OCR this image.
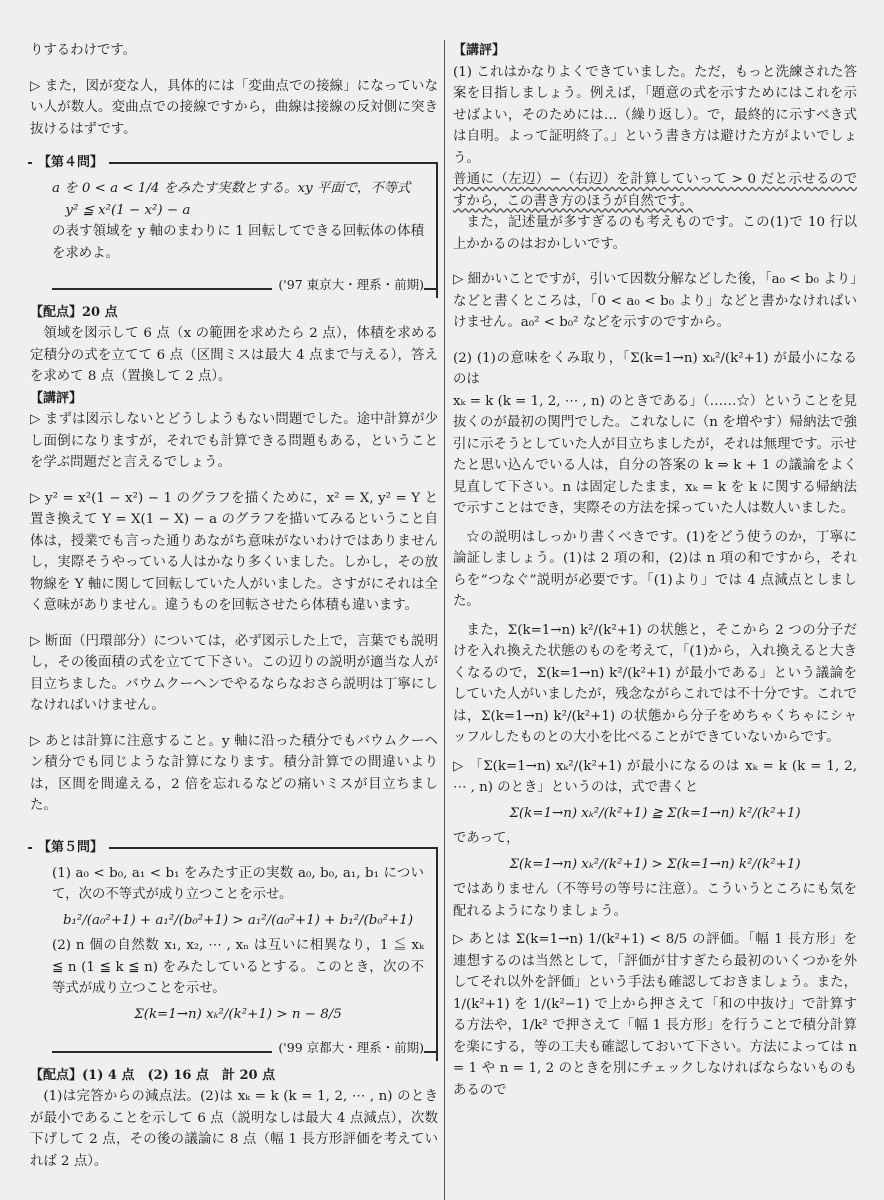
りするわけです。

▷ また，図が変な人，具体的には「変曲点での接線」になっていない人が数人。変曲点での接線ですから，曲線は接線の反対側に突き抜けるはずです。

【第４問】

a を 0 < a < 1/4 をみたす実数とする。xy 平面で，不等式

y² ≦ x²(1 − x²) − a

の表す領域を y 軸のまわりに 1 回転してできる回転体の体積を求めよ。

('97 東京大・理系・前期)

【配点】20 点

領域を図示して 6 点（x の範囲を求めたら 2 点），体積を求める定積分の式を立てて 6 点（区間ミスは最大 4 点まで与える），答えを求めて 8 点（置換して 2 点）。

【講評】

▷ まずは図示しないとどうしようもない問題でした。途中計算が少し面倒になりますが，それでも計算できる問題もある，ということを学ぶ問題だと言えるでしょう。

▷ y² = x²(1 − x²) − 1 のグラフを描くために，x² = X, y² = Y と置き換えて Y = X(1 − X) − a のグラフを描いてみるということ自体は，授業でも言った通りあながち意味がないわけではありませんし，実際そうやっている人はかなり多くいました。しかし，その放物線を Y 軸に関して回転していた人がいました。さすがにそれは全く意味がありません。違うものを回転させたら体積も違います。

▷ 断面（円環部分）については，必ず図示した上で，言葉でも説明し，その後面積の式を立てて下さい。この辺りの説明が適当な人が目立ちました。バウムクーヘンでやるならなおさら説明は丁寧にしなければいけません。

▷ あとは計算に注意すること。y 軸に沿った積分でもバウムクーヘン積分でも同じような計算になります。積分計算での間違いよりは，区間を間違える，2 倍を忘れるなどの痛いミスが目立ちました。

【第５問】

(1) a₀ < b₀, a₁ < b₁ をみたす正の実数 a₀, b₀, a₁, b₁ について，次の不等式が成り立つことを示せ。

b₁²/(a₀²+1) + a₁²/(b₀²+1) > a₁²/(a₀²+1) + b₁²/(b₀²+1)

(2) n 個の自然数 x₁, x₂, ⋯ , xₙ は互いに相異なり，1 ≦ xₖ ≦ n (1 ≦ k ≦ n) をみたしているとする。このとき，次の不等式が成り立つことを示せ。

Σ(k=1→n) xₖ²/(k²+1) > n − 8/5

('99 京都大・理系・前期)

【配点】(1) 4 点　(2) 16 点　計 20 点

(1)は完答からの減点法。(2)は xₖ = k (k = 1, 2, ⋯ , n) のときが最小であることを示して 6 点（説明なしは最大 4 点減点），次数下げして 2 点，その後の議論に 8 点（幅 1 長方形評価を考えていれば 2 点）。

【講評】

(1) これはかなりよくできていました。ただ，もっと洗練された答案を目指しましょう。例えば，「題意の式を示すためにはこれを示せばよい，そのためには…（繰り返し）。で，最終的に示すべき式は自明。よって証明終了。」という書き方は避けた方がよいでしょう。

普通に（左辺）−（右辺）を計算していって > 0 だと示せるのですから，この書き方のほうが自然です。

また，記述量が多すぎるのも考えものです。この(1)で 10 行以上かかるのはおかしいです。

▷ 細かいことですが，引いて因数分解などした後，「a₀ < b₀ より」などと書くところは，「0 < a₀ < b₀ より」などと書かなければいけません。a₀² < b₀² などを示すのですから。

(2) (1)の意味をくみ取り，「Σ(k=1→n) xₖ²/(k²+1) が最小になるのは

xₖ = k (k = 1, 2, ⋯ , n) のときである」（……☆）ということを見抜くのが最初の関門でした。これなしに（n を増やす）帰納法で強引に示そうとしていた人が目立ちましたが，それは無理です。示せたと思い込んでいる人は，自分の答案の k ⇒ k + 1 の議論をよく見直して下さい。n は固定したまま，xₖ = k を k に関する帰納法で示すことはでき，実際その方法を採っていた人は数人いました。

☆の説明はしっかり書くべきです。(1)をどう使うのか，丁寧に論証しましょう。(1)は 2 項の和，(2)は n 項の和ですから，それらを“つなぐ”説明が必要です。「(1)より」では 4 点減点としました。

また，Σ(k=1→n) k²/(k²+1) の状態と，そこから 2 つの分子だけを入れ換えた状態のものを考えて，「(1)から，入れ換えると大きくなるので，Σ(k=1→n) k²/(k²+1) が最小である」という議論をしていた人がいましたが，残念ながらこれでは不十分です。これでは，Σ(k=1→n) k²/(k²+1) の状態から分子をめちゃくちゃにシャッフルしたものとの大小を比べることができていないからです。

▷ 「Σ(k=1→n) xₖ²/(k²+1) が最小になるのは xₖ = k (k = 1, 2, ⋯ , n) のとき」というのは，式で書くと

Σ(k=1→n) xₖ²/(k²+1) ≧ Σ(k=1→n) k²/(k²+1)

であって，

Σ(k=1→n) xₖ²/(k²+1) > Σ(k=1→n) k²/(k²+1)

ではありません（不等号の等号に注意）。こういうところにも気を配れるようになりましょう。

▷ あとは Σ(k=1→n) 1/(k²+1) < 8/5 の評価。「幅 1 長方形」を連想するのは当然として，「評価が甘すぎたら最初のいくつかを外してそれ以外を評価」という手法も確認しておきましょう。また，1/(k²+1) を 1/(k²−1) で上から押さえて「和の中抜け」で計算する方法や，1/k² で押さえて「幅 1 長方形」を行うことで積分計算を楽にする，等の工夫も確認しておいて下さい。方法によっては n = 1 や n = 1, 2 のときを別にチェックしなければならないものもあるので
